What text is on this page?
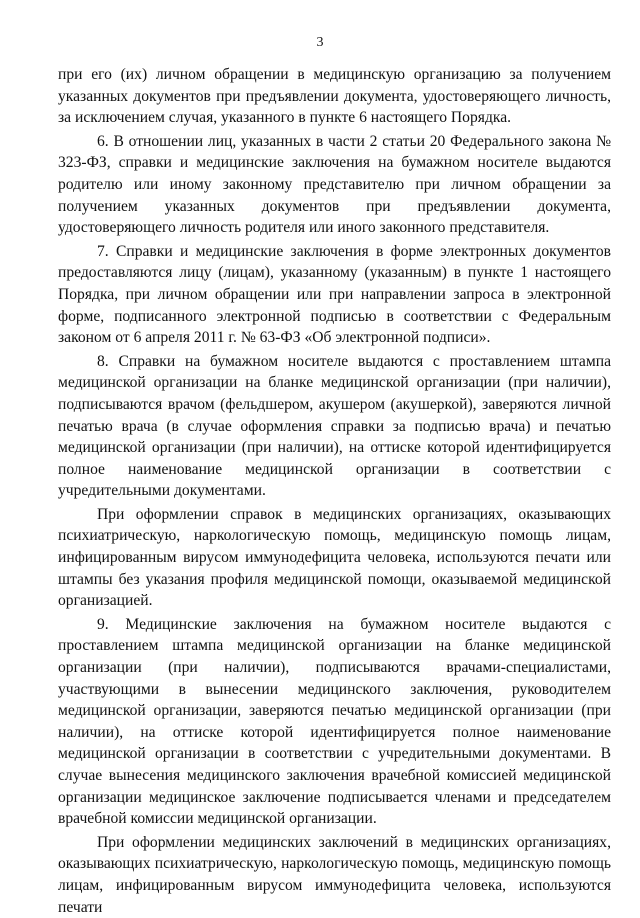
3

при его (их) личном обращении в медицинскую организацию за получением указанных документов при предъявлении документа, удостоверяющего личность, за исключением случая, указанного в пункте 6 настоящего Порядка.

6. В отношении лиц, указанных в части 2 статьи 20 Федерального закона № 323-ФЗ, справки и медицинские заключения на бумажном носителе выдаются родителю или иному законному представителю при личном обращении за получением указанных документов при предъявлении документа, удостоверяющего личность родителя или иного законного представителя.

7. Справки и медицинские заключения в форме электронных документов предоставляются лицу (лицам), указанному (указанным) в пункте 1 настоящего Порядка, при личном обращении или при направлении запроса в электронной форме, подписанного электронной подписью в соответствии с Федеральным законом от 6 апреля 2011 г. № 63-ФЗ «Об электронной подписи».

8. Справки на бумажном носителе выдаются с проставлением штампа медицинской организации на бланке медицинской организации (при наличии), подписываются врачом (фельдшером, акушером (акушеркой), заверяются личной печатью врача (в случае оформления справки за подписью врача) и печатью медицинской организации (при наличии), на оттиске которой идентифицируется полное наименование медицинской организации в соответствии с учредительными документами.

При оформлении справок в медицинских организациях, оказывающих психиатрическую, наркологическую помощь, медицинскую помощь лицам, инфицированным вирусом иммунодефицита человека, используются печати или штампы без указания профиля медицинской помощи, оказываемой медицинской организацией.

9. Медицинские заключения на бумажном носителе выдаются с проставлением штампа медицинской организации на бланке медицинской организации (при наличии), подписываются врачами-специалистами, участвующими в вынесении медицинского заключения, руководителем медицинской организации, заверяются печатью медицинской организации (при наличии), на оттиске которой идентифицируется полное наименование медицинской организации в соответствии с учредительными документами. В случае вынесения медицинского заключения врачебной комиссией медицинской организации медицинское заключение подписывается членами и председателем врачебной комиссии медицинской организации.

При оформлении медицинских заключений в медицинских организациях, оказывающих психиатрическую, наркологическую помощь, медицинскую помощь лицам, инфицированным вирусом иммунодефицита человека, используются печати
